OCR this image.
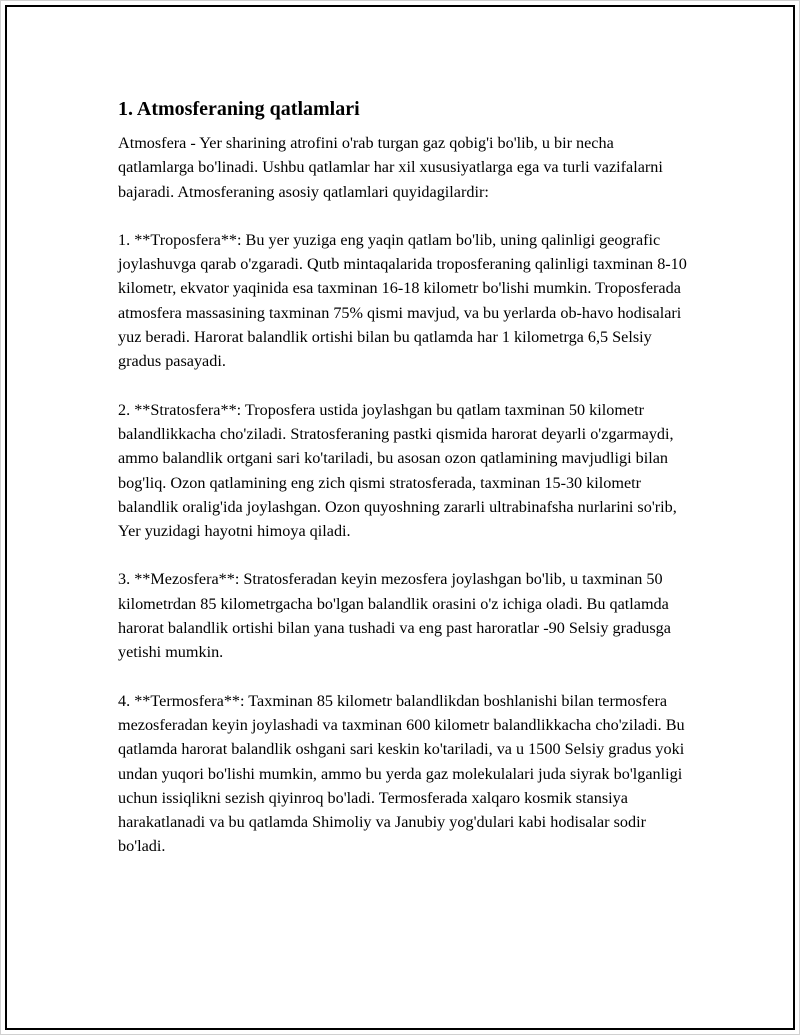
1. Atmosferaning qatlamlari

Atmosfera - Yer sharining atrofini o'rab turgan gaz qobig'i bo'lib, u bir necha qatlamlarga bo'linadi. Ushbu qatlamlar har xil xususiyatlarga ega va turli vazifalarni bajaradi. Atmosferaning asosiy qatlamlari quyidagilardir:

1. **Troposfera**: Bu yer yuziga eng yaqin qatlam bo'lib, uning qalinligi geografic joylashuvga qarab o'zgaradi. Qutb mintaqalarida troposferaning qalinligi taxminan 8-10 kilometr, ekvator yaqinida esa taxminan 16-18 kilometr bo'lishi mumkin. Troposferada atmosfera massasining taxminan 75% qismi mavjud, va bu yerlarda ob-havo hodisalari yuz beradi. Harorat balandlik ortishi bilan bu qatlamda har 1 kilometrga 6,5 Selsiy gradus pasayadi.

2. **Stratosfera**: Troposfera ustida joylashgan bu qatlam taxminan 50 kilometr balandlikkacha cho'ziladi. Stratosferaning pastki qismida harorat deyarli o'zgarmaydi, ammo balandlik ortgani sari ko'tariladi, bu asosan ozon qatlamining mavjudligi bilan bog'liq. Ozon qatlamining eng zich qismi stratosferada, taxminan 15-30 kilometr balandlik oralig'ida joylashgan. Ozon quyoshning zararli ultrabinafsha nurlarini so'rib, Yer yuzidagi hayotni himoya qiladi.

3. **Mezosfera**: Stratosferadan keyin mezosfera joylashgan bo'lib, u taxminan 50 kilometrdan 85 kilometrgacha bo'lgan balandlik orasini o'z ichiga oladi. Bu qatlamda harorat balandlik ortishi bilan yana tushadi va eng past haroratlar -90 Selsiy gradusga yetishi mumkin.

4. **Termosfera**: Taxminan 85 kilometr balandlikdan boshlanishi bilan termosfera mezosferadan keyin joylashadi va taxminan 600 kilometr balandlikkacha cho'ziladi. Bu qatlamda harorat balandlik oshgani sari keskin ko'tariladi, va u 1500 Selsiy gradus yoki undan yuqori bo'lishi mumkin, ammo bu yerda gaz molekulalari juda siyrak bo'lganligi uchun issiqlikni sezish qiyinroq bo'ladi. Termosferada xalqaro kosmik stansiya harakatlanadi va bu qatlamda Shimoliy va Janubiy yog'dulari kabi hodisalar sodir bo'ladi.
